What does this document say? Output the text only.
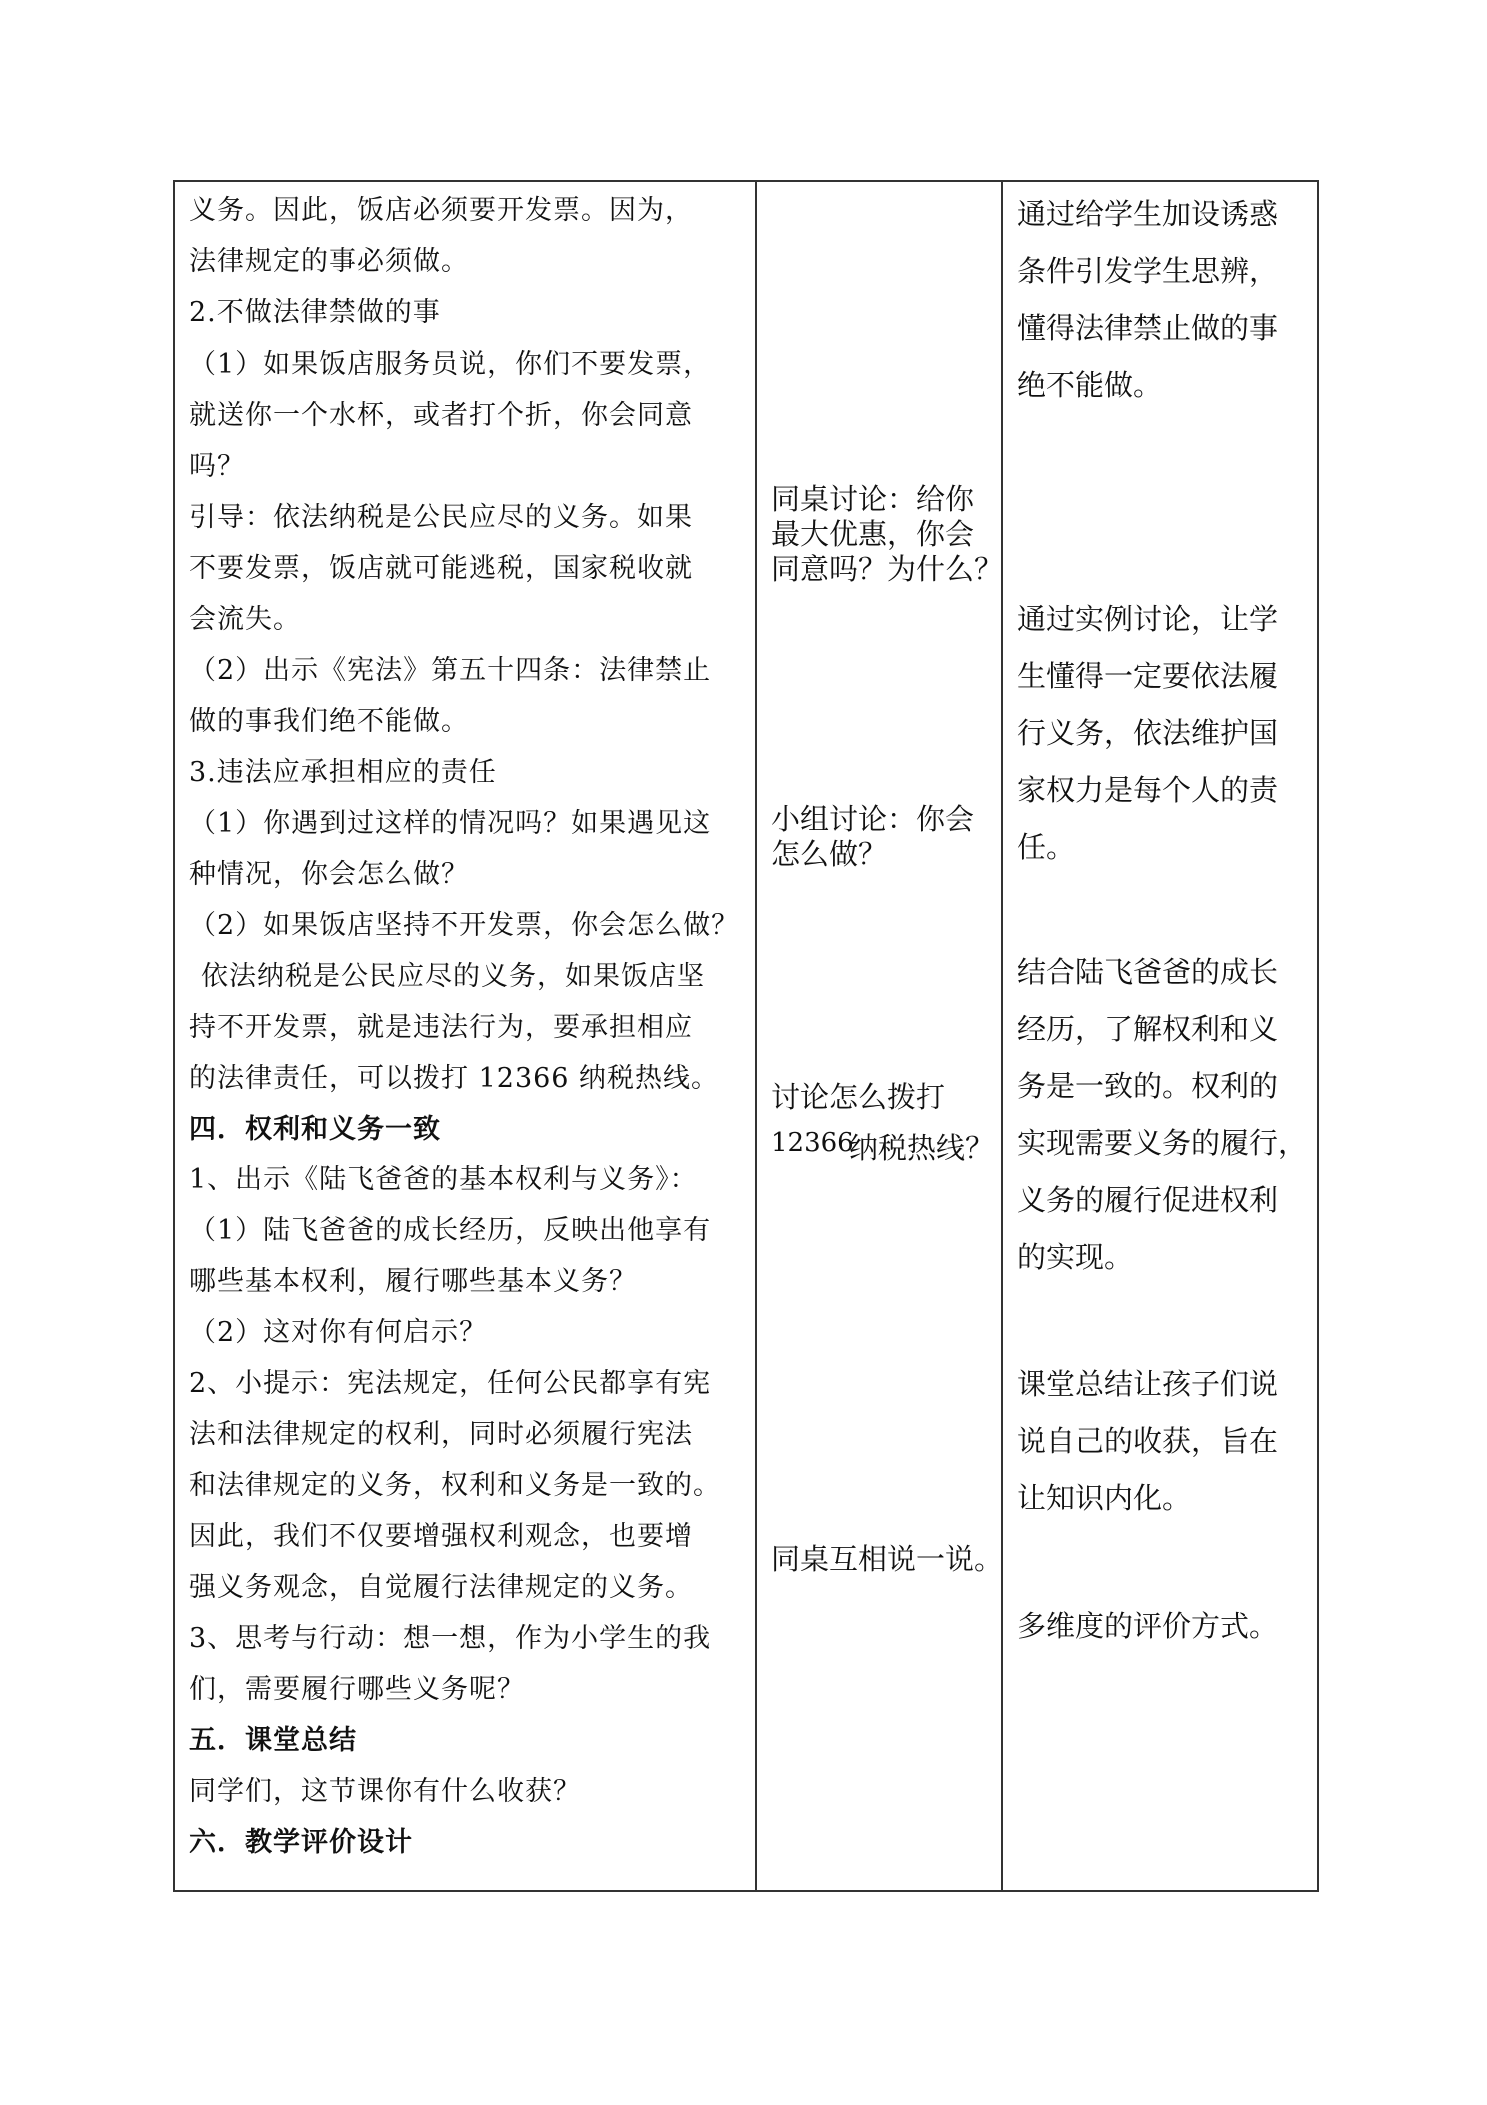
义务。因此，饭店必须要开发票。因为，
法律规定的事必须做。
2.不做法律禁做的事
（1）如果饭店服务员说，你们不要发票，
就送你一个水杯，或者打个折，你会同意
吗？
引导：依法纳税是公民应尽的义务。如果
不要发票，饭店就可能逃税，国家税收就
会流失。
（2）出示《宪法》第五十四条：法律禁止
做的事我们绝不能做。
3.违法应承担相应的责任
（1）你遇到过这样的情况吗？如果遇见这
种情况，你会怎么做？
（2）如果饭店坚持不开发票，你会怎么做？
依法纳税是公民应尽的义务，如果饭店坚
持不开发票，就是违法行为，要承担相应
的法律责任，可以拨打 12366 纳税热线。
四．权利和义务一致
1、出示《陆飞爸爸的基本权利与义务》：
（1）陆飞爸爸的成长经历，反映出他享有
哪些基本权利，履行哪些基本义务？
（2）这对你有何启示？
2、小提示：宪法规定，任何公民都享有宪
法和法律规定的权利，同时必须履行宪法
和法律规定的义务，权利和义务是一致的。
因此，我们不仅要增强权利观念，也要增
强义务观念，自觉履行法律规定的义务。
3、思考与行动：想一想，作为小学生的我
们，需要履行哪些义务呢？
五．课堂总结
同学们，这节课你有什么收获？
六．教学评价设计
同桌讨论：给你
最大优惠，你会
同意吗？为什么？
小组讨论：你会
怎么做？
讨论怎么拨打
12366
纳税热线？
同桌互相说一说。
通过给学生加设诱惑
条件引发学生思辨，
懂得法律禁止做的事
绝不能做。
通过实例讨论，让学
生懂得一定要依法履
行义务，依法维护国
家权力是每个人的责
任。
结合陆飞爸爸的成长
经历，了解权利和义
务是一致的。权利的
实现需要义务的履行，
义务的履行促进权利
的实现。
课堂总结让孩子们说
说自己的收获，旨在
让知识内化。
多维度的评价方式。
